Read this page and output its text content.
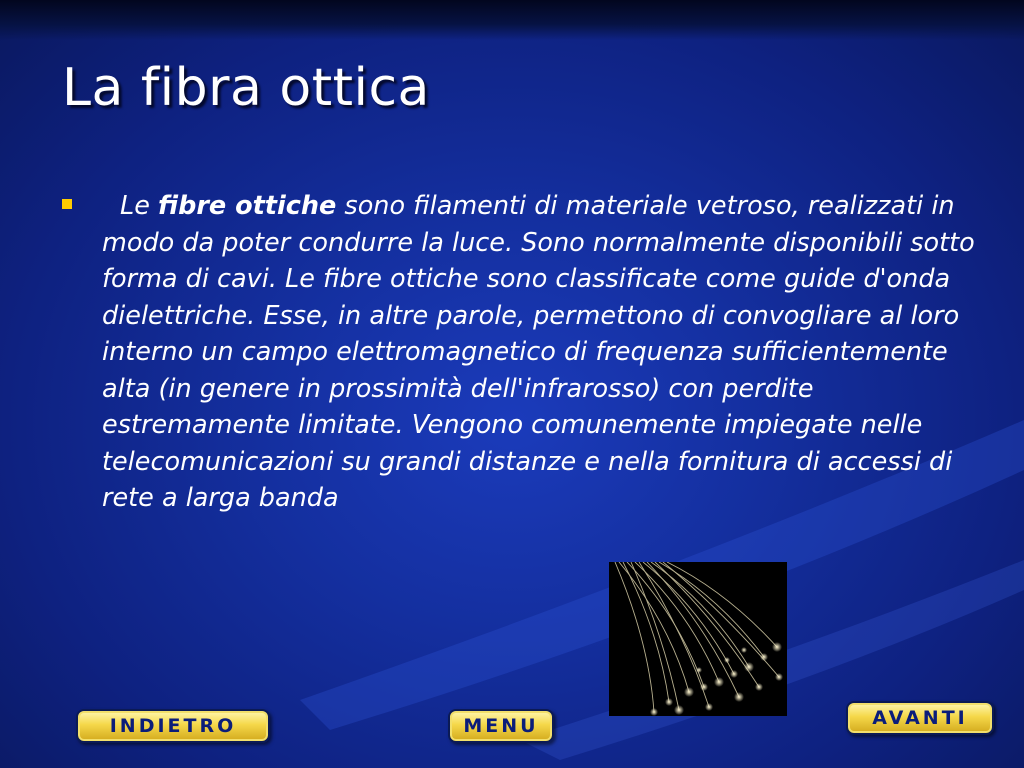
La fibra ottica

Le fibre ottiche sono filamenti di materiale vetroso, realizzati in modo da poter condurre la luce. Sono normalmente disponibili sotto forma di cavi. Le fibre ottiche sono classificate come guide d'onda dielettriche. Esse, in altre parole, permettono di convogliare al loro interno un campo elettromagnetico di frequenza sufficientemente alta (in genere in prossimità dell'infrarosso) con perdite estremamente limitate. Vengono comunemente impiegate nelle telecomunicazioni su grandi distanze e nella fornitura di accessi di rete a larga banda

INDIETRO	MENU	AVANTI
